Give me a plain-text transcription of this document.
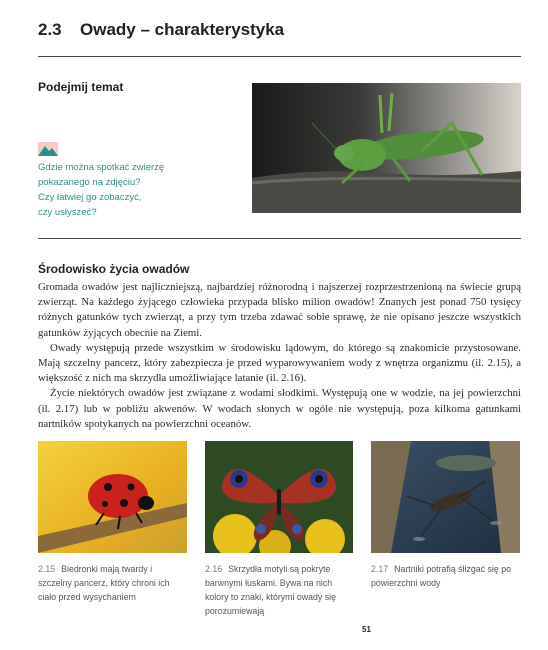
2.3 Owady – charakterystyka
Podejmij temat
Gdzie można spotkać zwierzę
pokazanego na zdjęciu?
Czy łatwiej go zobaczyć,
czy usłyszeć?
Środowisko życia owadów

Gromada owadów jest najliczniejszą, najbardziej różnorodną i najszerzej rozprzestrzenioną na świecie grupą zwierząt. Na każdego żyjącego człowieka przypada blisko milion owadów! Znanych jest ponad 750 tysięcy różnych gatunków tych zwierząt, a przy tym trzeba zdawać sobie sprawę, że nie opisano jeszcze wszystkich gatunków żyjących obecnie na Ziemi.

Owady występują przede wszystkim w środowisku lądowym, do którego są znakomicie przystosowane. Mają szczelny pancerz, który zabezpiecza je przed wyparowywaniem wody z wnętrza organizmu (il. 2.15), a większość z nich ma skrzydła umożliwiające latanie (il. 2.16).

Życie niektórych owadów jest związane z wodami słodkimi. Występują one w wodzie, na jej powierzchni (il. 2.17) lub w pobliżu akwenów. W wodach słonych w ogóle nie występują, poza kilkoma gatunkami nartników spotykanych na powierzchni oceanów.

2.15 Biedronki mają twardy i szczelny pancerz, który chroni ich ciało przed wysychaniem
2.16 Skrzydła motyli są pokryte barwnymi łuskami. Bywa na nich kolory to znaki, którymi owady się porozumiewają
2.17 Nartniki potrafią ślizgać się po powierzchni wody
51
